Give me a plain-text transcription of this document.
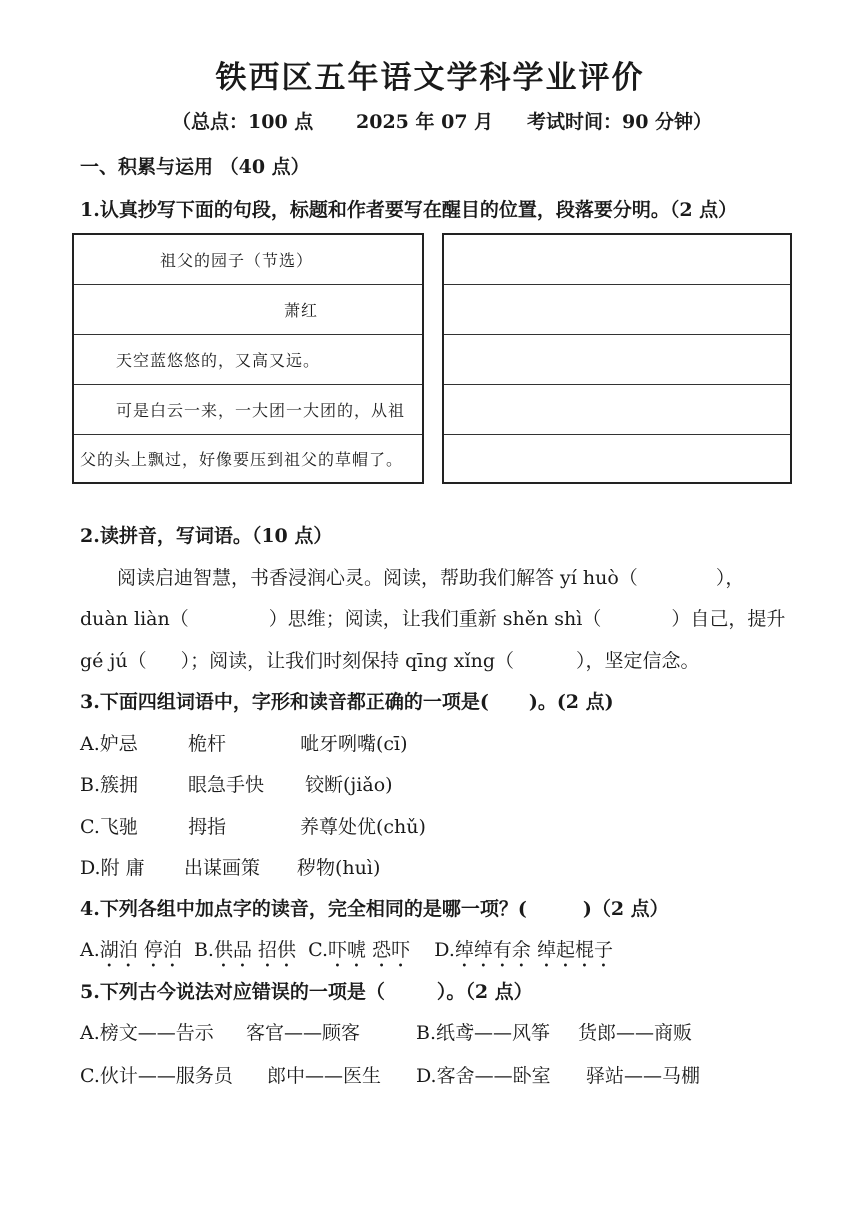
铁西区五年语文学科学业评价
（总点：100 点 2025 年 07 月 考试时间：90 分钟）
一、积累与运用 （40 点）
1.认真抄写下面的句段，标题和作者要写在醒目的位置，段落要分明。（2 点）
祖父的园子（节选）
萧红
天空蓝悠悠的，又高又远。
可是白云一来，一大团一大团的，从祖
父的头上飘过，好像要压到祖父的草帽了。
2.读拼音，写词语。（10 点）
阅读启迪智慧，书香浸润心灵。阅读，帮助我们解答 yí huò（	），
duàn liàn（	）思维；阅读，让我们重新 shěn shì（	）自己，提升
gé jú（ ）；阅读，让我们时刻保持 qīng xǐng（	），坚定信念。
3.下面四组词语中，字形和读音都正确的一项是( )。(2 点)
A.妒忌	桅杆	呲牙咧嘴(cī)
B.簇拥	眼急手快 铰断(jiǎo)
C.飞驰	拇指	养尊处优(chǔ)
D.附 庸 出谋画策 秽物(huì)
4.下列各组中加点字的读音，完全相同的是哪一项？(	)（2 点）
A.湖泊 停泊 B.供品 招供 C.吓唬 恐吓 D.绰绰有余 绰起棍子
5.下列古今说法对应错误的一项是（	）。（2 点）
A.榜文——告示 客官——顾客	B.纸鸢——风筝 货郎——商贩
C.伙计——服务员 郎中——医生 D.客舍——卧室 驿站——马棚
